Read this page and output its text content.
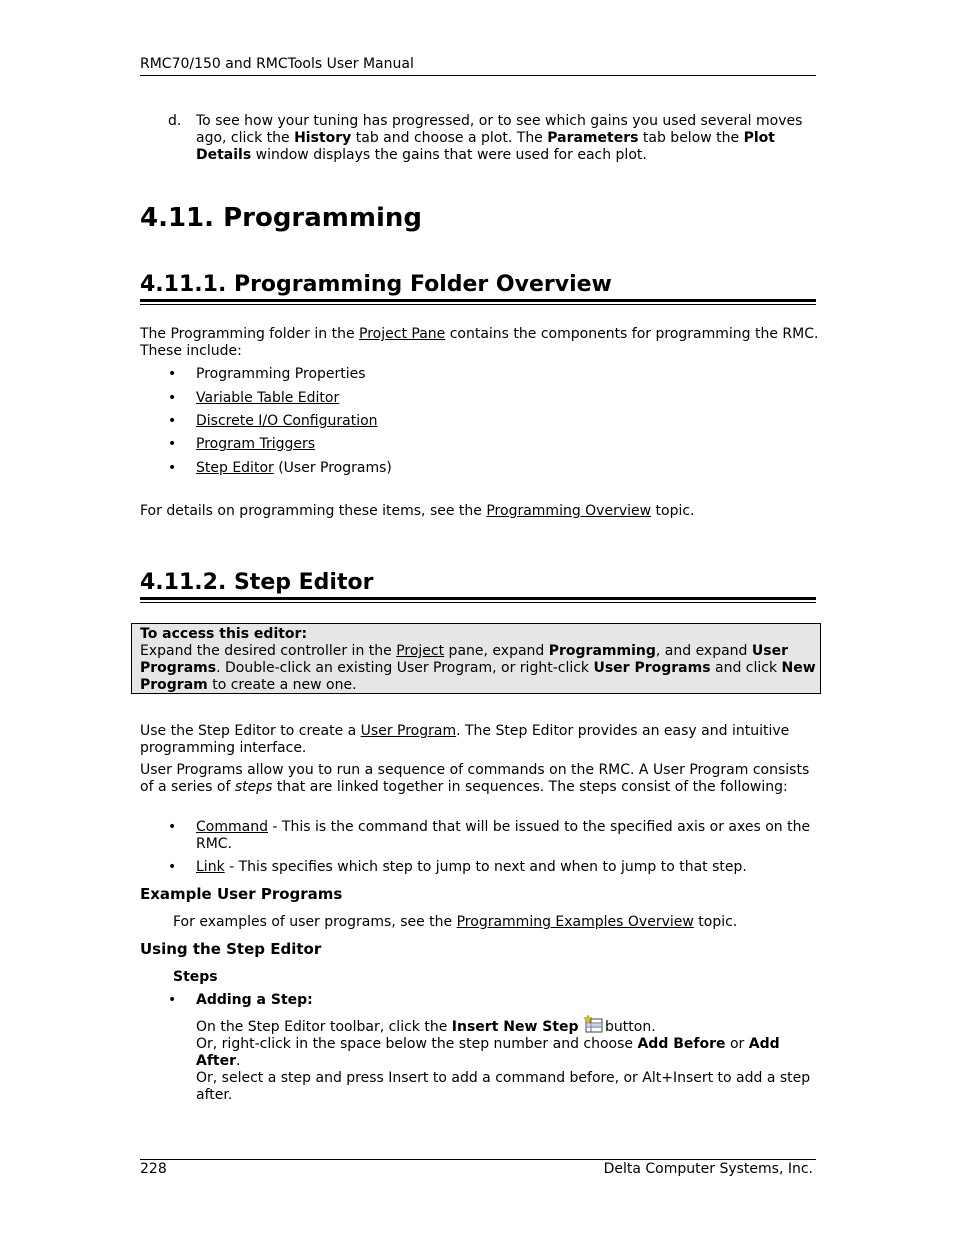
RMC70/150 and RMCTools User Manual
d. To see how your tuning has progressed, or to see which gains you used several moves ago, click the History tab and choose a plot. The Parameters tab below the Plot Details window displays the gains that were used for each plot.
4.11. Programming
4.11.1. Programming Folder Overview
The Programming folder in the Project Pane contains the components for programming the RMC. These include:
• Programming Properties
• Variable Table Editor
• Discrete I/O Configuration
• Program Triggers
• Step Editor (User Programs)
For details on programming these items, see the Programming Overview topic.
4.11.2. Step Editor
To access this editor:
Expand the desired controller in the Project pane, expand Programming, and expand User Programs. Double-click an existing User Program, or right-click User Programs and click New Program to create a new one.
Use the Step Editor to create a User Program. The Step Editor provides an easy and intuitive programming interface.
User Programs allow you to run a sequence of commands on the RMC. A User Program consists of a series of steps that are linked together in sequences. The steps consist of the following:
• Command - This is the command that will be issued to the specified axis or axes on the RMC.
• Link - This specifies which step to jump to next and when to jump to that step.
Example User Programs
For examples of user programs, see the Programming Examples Overview topic.
Using the Step Editor
Steps
• Adding a Step:
On the Step Editor toolbar, click the Insert New Step button.
Or, right-click in the space below the step number and choose Add Before or Add After.
Or, select a step and press Insert to add a command before, or Alt+Insert to add a step after.
228	Delta Computer Systems, Inc.
